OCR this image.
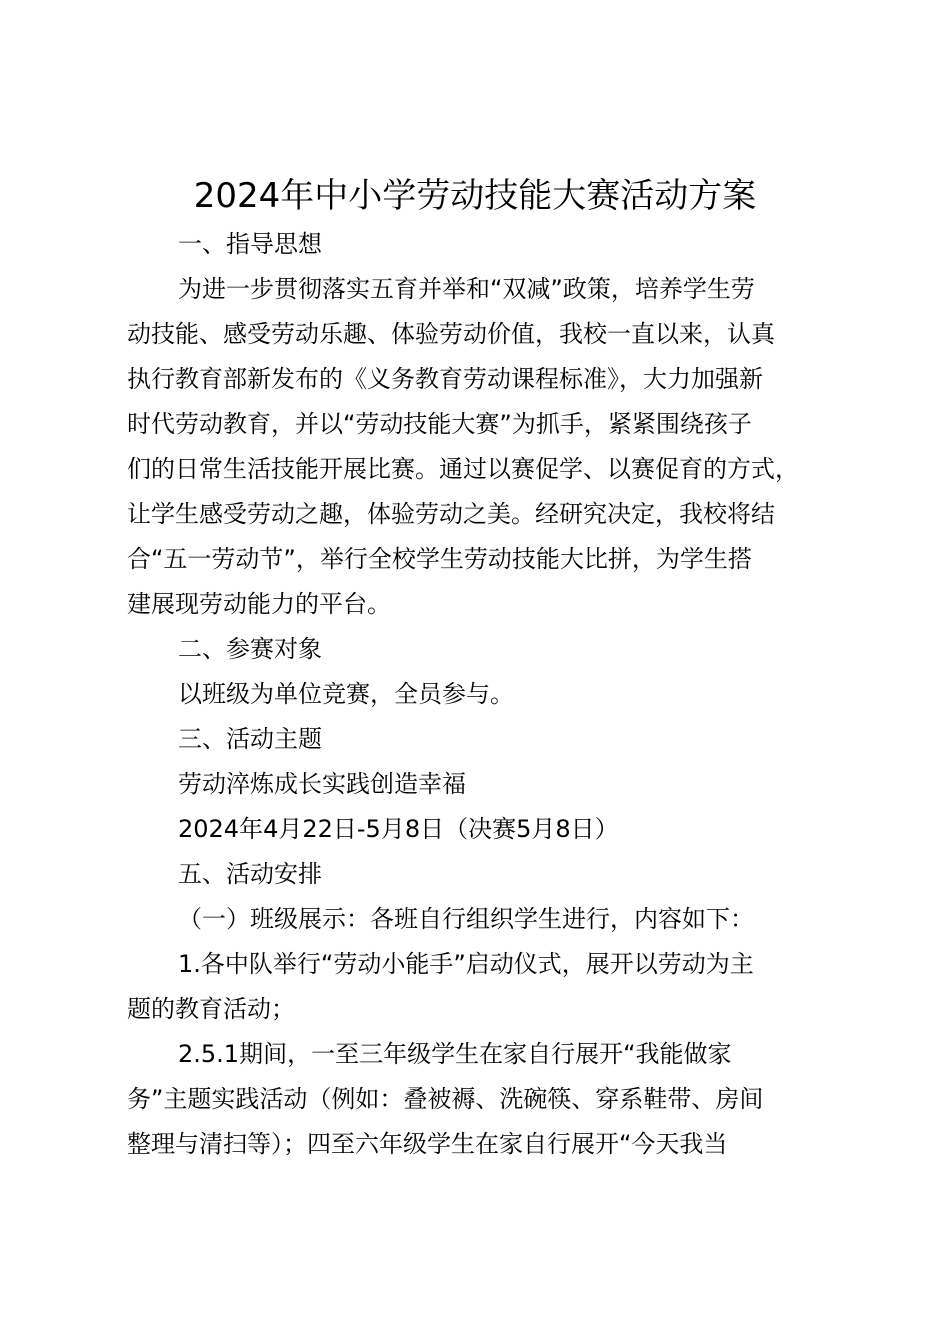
2024年中小学劳动技能大赛活动方案
一、指导思想
为进一步贯彻落实五育并举和“双减”政策，培养学生劳
动技能、感受劳动乐趣、体验劳动价值，我校一直以来，认真
执行教育部新发布的《义务教育劳动课程标准》，大力加强新
时代劳动教育，并以“劳动技能大赛”为抓手，紧紧围绕孩子
们的日常生活技能开展比赛。通过以赛促学、以赛促育的方式，
让学生感受劳动之趣，体验劳动之美。经研究决定，我校将结
合“五一劳动节”，举行全校学生劳动技能大比拼，为学生搭
建展现劳动能力的平台。
二、参赛对象
以班级为单位竞赛，全员参与。
三、活动主题
劳动淬炼成长实践创造幸福
2024年4月22日-5月8日（决赛5月8日）
五、活动安排
（一）班级展示：各班自行组织学生进行，内容如下：
1.各中队举行“劳动小能手”启动仪式，展开以劳动为主
题的教育活动；
2.5.1期间，一至三年级学生在家自行展开“我能做家
务”主题实践活动（例如：叠被褥、洗碗筷、穿系鞋带、房间
整理与清扫等）；四至六年级学生在家自行展开“今天我当
